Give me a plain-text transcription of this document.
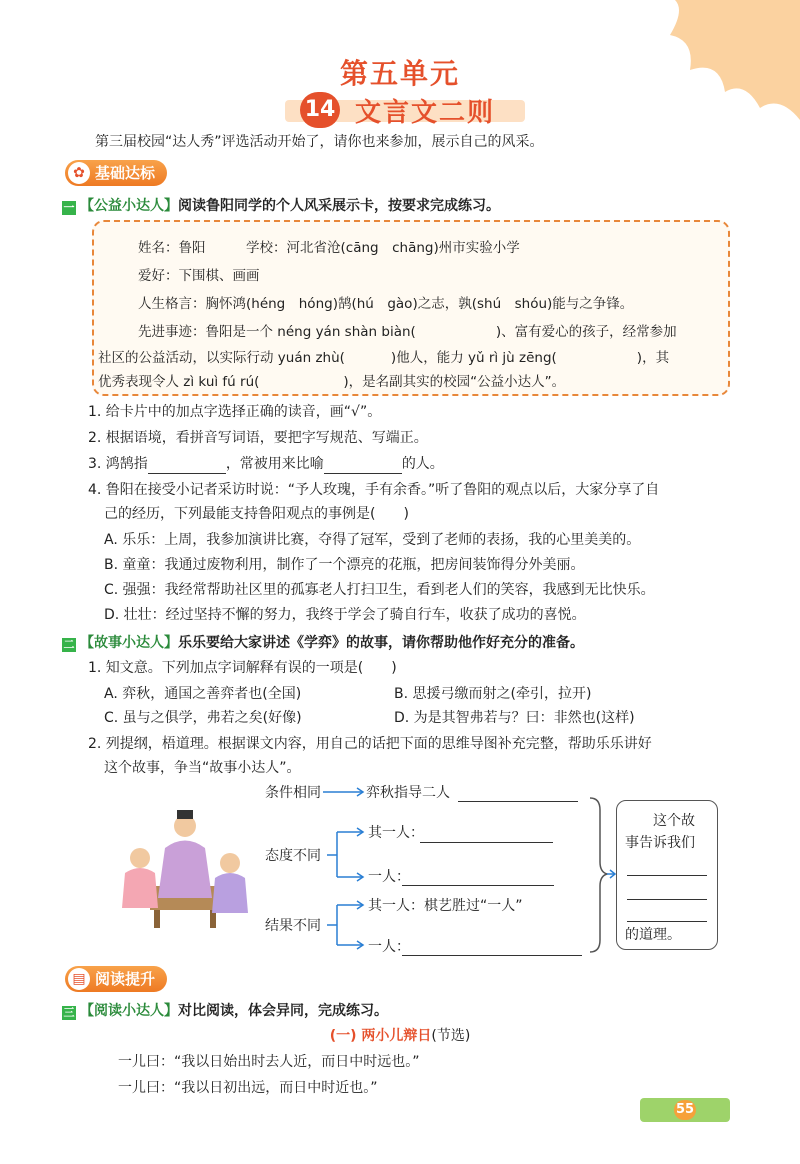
第五单元
14 文言文二则
第三届校园“达人秀”评选活动开始了，请你也来参加，展示自己的风采。
✿ 基础达标
一 【公益小达人】阅读鲁阳同学的个人风采展示卡，按要求完成练习。
姓名：鲁阳　　　学校：河北省沧(cāng　chāng)州市实验小学
爱好：下围棋、画画
人生格言：胸怀鸿(héng　hóng)鹄(hú　gào)之志，孰(shú　shóu)能与之争锋。
先进事迹：鲁阳是一个 néng yán shàn biàn(	)、富有爱心的孩子，经常参加
社区的公益活动，以实际行动 yuán zhù(	)他人，能力 yǔ rì jù zēng(	)，其
优秀表现令人 zì kuì fú rú(	)，是名副其实的校园“公益小达人”。
1. 给卡片中的加点字选择正确的读音，画“√”。
2. 根据语境，看拼音写词语，要把字写规范、写端正。
3. 鸿鹄指	，常被用来比喻	的人。
4. 鲁阳在接受小记者采访时说：“予人玫瑰，手有余香。”听了鲁阳的观点以后，大家分享了自
己的经历，下列最能支持鲁阳观点的事例是(　　)
A. 乐乐：上周，我参加演讲比赛，夺得了冠军，受到了老师的表扬，我的心里美美的。
B. 童童：我通过废物利用，制作了一个漂亮的花瓶，把房间装饰得分外美丽。
C. 强强：我经常帮助社区里的孤寡老人打扫卫生，看到老人们的笑容，我感到无比快乐。
D. 壮壮：经过坚持不懈的努力，我终于学会了骑自行车，收获了成功的喜悦。
二 【故事小达人】乐乐要给大家讲述《学弈》的故事，请你帮助他作好充分的准备。
1. 知文意。下列加点字词解释有误的一项是(　　)
A. 弈秋，通国之善弈者也(全国)	B. 思援弓缴而射之(牵引，拉开)
C. 虽与之俱学，弗若之矣(好像)	D. 为是其智弗若与？曰：非然也(这样)
2. 列提纲，梧道理。根据课文内容，用自己的话把下面的思维导图补充完整，帮助乐乐讲好
这个故事，争当“故事小达人”。
条件相同	弈秋指导二人
态度不同
其一人：
一人：
结果不同
其一人：棋艺胜过“一人”
一人：
这个故
事告诉我们
的道理。
▤ 阅读提升
三 【阅读小达人】对比阅读，体会异同，完成练习。
(一) 两小儿辩日(节选)
一儿曰：“我以日始出时去人近，而日中时远也。”
一儿曰：“我以日初出远，而日中时近也。”
55
